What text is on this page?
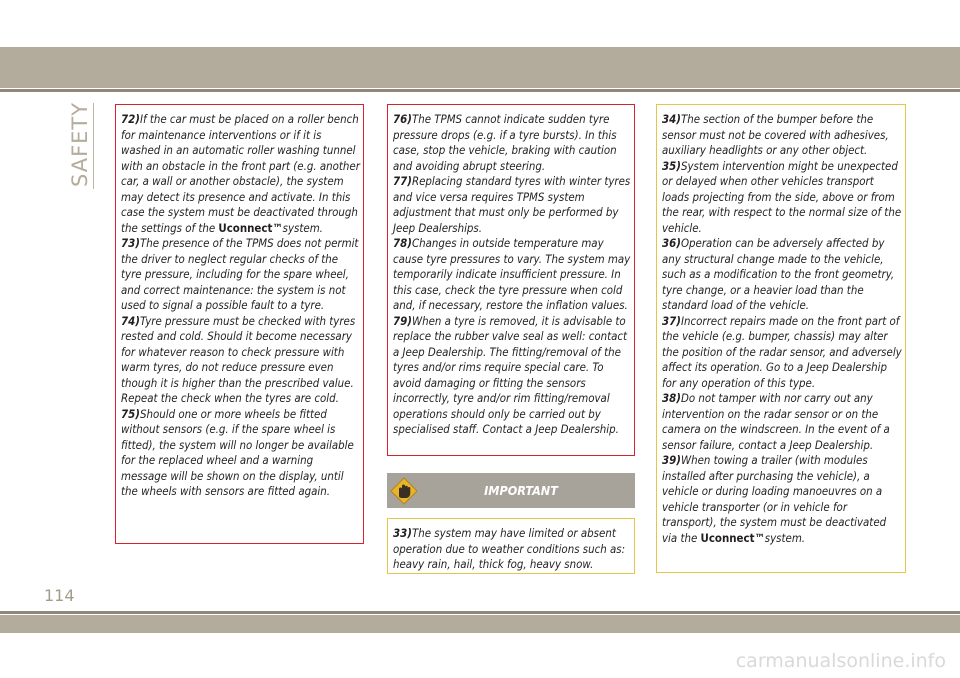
SAFETY	72)If the car must be placed on a roller bench for maintenance interventions or if it is washed in an automatic roller washing tunnel with an obstacle in the front part (e.g. another car, a wall or another obstacle), the system may detect its presence and activate. In this case the system must be deactivated through the settings of the Uconnect™system.

73)The presence of the TPMS does not permit the driver to neglect regular checks of the tyre pressure, including for the spare wheel, and correct maintenance: the system is not used to signal a possible fault to a tyre.

74)Tyre pressure must be checked with tyres rested and cold. Should it become necessary for whatever reason to check pressure with warm tyres, do not reduce pressure even though it is higher than the prescribed value. Repeat the check when the tyres are cold.

75)Should one or more wheels be fitted without sensors (e.g. if the spare wheel is fitted), the system will no longer be available for the replaced wheel and a warning message will be shown on the display, until the wheels with sensors are fitted again.

76)The TPMS cannot indicate sudden tyre pressure drops (e.g. if a tyre bursts). In this case, stop the vehicle, braking with caution and avoiding abrupt steering.

77)Replacing standard tyres with winter tyres and vice versa requires TPMS system adjustment that must only be performed by Jeep Dealerships.

78)Changes in outside temperature may cause tyre pressures to vary. The system may temporarily indicate insufficient pressure. In this case, check the tyre pressure when cold and, if necessary, restore the inflation values.

79)When a tyre is removed, it is advisable to replace the rubber valve seal as well: contact a Jeep Dealership. The fitting/removal of the tyres and/or rims require special care. To avoid damaging or fitting the sensors incorrectly, tyre and/or rim fitting/removal operations should only be carried out by specialised staff. Contact a Jeep Dealership.

IMPORTANT

33)The system may have limited or absent operation due to weather conditions such as: heavy rain, hail, thick fog, heavy snow.

34)The section of the bumper before the sensor must not be covered with adhesives, auxiliary headlights or any other object.

35)System intervention might be unexpected or delayed when other vehicles transport loads projecting from the side, above or from the rear, with respect to the normal size of the vehicle.

36)Operation can be adversely affected by any structural change made to the vehicle, such as a modification to the front geometry, tyre change, or a heavier load than the standard load of the vehicle.

37)Incorrect repairs made on the front part of the vehicle (e.g. bumper, chassis) may alter the position of the radar sensor, and adversely affect its operation. Go to a Jeep Dealership for any operation of this type.

38)Do not tamper with nor carry out any intervention on the radar sensor or on the camera on the windscreen. In the event of a sensor failure, contact a Jeep Dealership.

39)When towing a trailer (with modules installed after purchasing the vehicle), a vehicle or during loading manoeuvres on a vehicle transporter (or in vehicle for transport), the system must be deactivated via the Uconnect™system.

114
carmanualsonline.info
